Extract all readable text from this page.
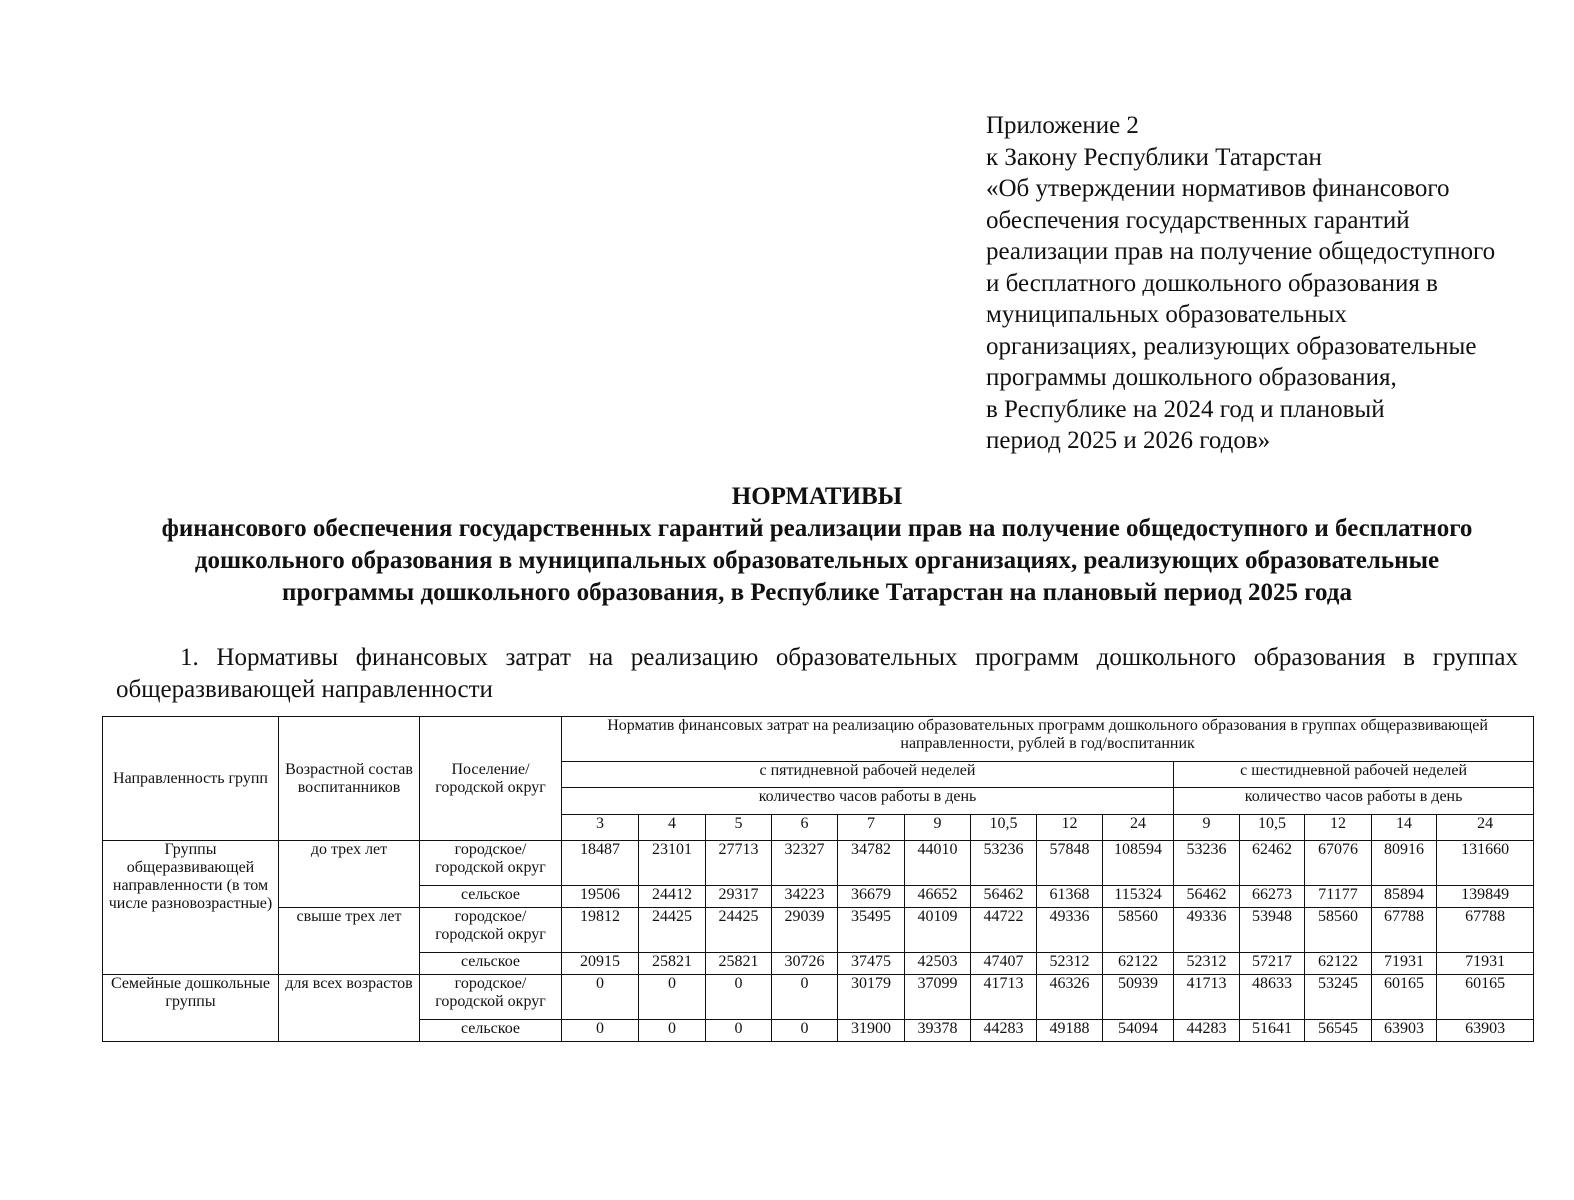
Приложение 2
к Закону Республики Татарстан
«Об утверждении нормативов финансового
обеспечения государственных гарантий
реализации прав на получение общедоступного
и бесплатного дошкольного образования в
муниципальных образовательных
организациях, реализующих образовательные
программы дошкольного образования,
в Республике на 2024 год и плановый
период 2025 и 2026 годов»
НОРМАТИВЫ
финансового обеспечения государственных гарантий реализации прав на получение общедоступного и бесплатного
дошкольного образования в муниципальных образовательных организациях, реализующих образовательные
программы дошкольного образования, в Республике Татарстан на плановый период 2025 года
1. Нормативы финансовых затрат на реализацию образовательных программ дошкольного образования в группах
общеразвивающей направленности
Направленность групп	Возрастной состав воспитанников	Поселение/ городской округ	Норматив финансовых затрат на реализацию образовательных программ дошкольного образования в группах общеразвивающей направленности, рублей в год/воспитанник													
			с пятидневной рабочей неделей									с шестидневной рабочей неделей				
			количество часов работы в день									количество часов работы в день				
			3	4	5	6	7	9	10,5	12	24	9	10,5	12	14	24
Группы общеразвивающей направленности (в том числе разновозрастные)	до трех лет	городское/ городской округ	18487	23101	27713	32327	34782	44010	53236	57848	108594	53236	62462	67076	80916	131660
		сельское	19506	24412	29317	34223	36679	46652	56462	61368	115324	56462	66273	71177	85894	139849
	свыше трех лет	городское/ городской округ	19812	24425	24425	29039	35495	40109	44722	49336	58560	49336	53948	58560	67788	67788
		сельское	20915	25821	25821	30726	37475	42503	47407	52312	62122	52312	57217	62122	71931	71931
Семейные дошкольные группы	для всех возрастов	городское/ городской округ	0	0	0	0	30179	37099	41713	46326	50939	41713	48633	53245	60165	60165
		сельское	0	0	0	0	31900	39378	44283	49188	54094	44283	51641	56545	63903	63903
